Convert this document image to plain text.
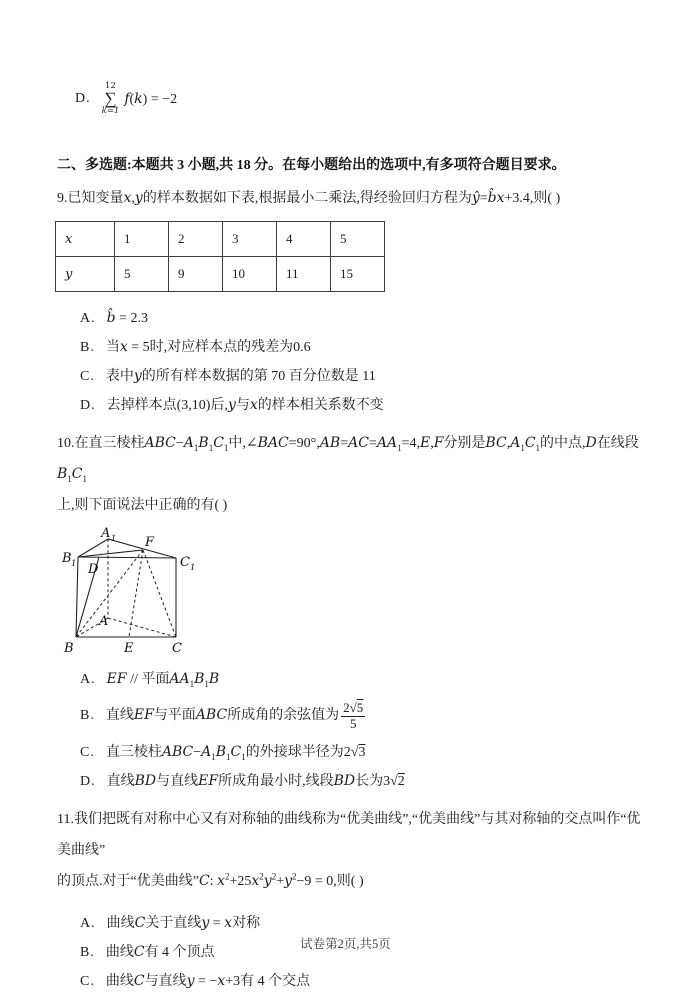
D.
12
∑
k=1
f(k) = −2
二、多选题:本题共 3 小题,共 18 分。在每小题给出的选项中,有多项符合题目要求。
9.已知变量x,y的样本数据如下表,根据最小二乘法,得经验回归方程为ŷ=b̂x+3.4,则( )
x	1	2	3	4	5
y	5	9	10	11	15
A. b̂ = 2.3
B. 当x = 5时,对应样本点的残差为0.6
C. 表中y的所有样本数据的第 70 百分位数是 11
D. 去掉样本点(3,10)后,y与x的样本相关系数不变
10.在直三棱柱$ABC-A_1B_1C_1$中$,\angle BAC=90^\circ,AB=AC=AA_1=4,E,F$分别是$BC,A_1C_1$的中点,D在线段$B_1C_1$
上,则下面说法中正确的有( )
A 1 F
B 1	C 1
D
A
B	E	C
A. EF // 平面$AA_1B_1B$
B. 直线EF与平面ABC所成角的余弦值为 $\frac{2√5}{5}$
C. 直三棱柱$ABC-A_1B_1C_1$的外接球半径为2√3
D. 直线BD与直线EF所成角最小时,线段BD长为3√2
11.我们把既有对称中心又有对称轴的曲线称为“优美曲线”,“优美曲线”与其对称轴的交点叫作“优美曲线”
的顶点.对于“优美曲线”C: $x^2+25x^2y^2+y^2-9 = 0$,则( )
A. 曲线C关于直线y = x对称
B. 曲线C有 4 个顶点
C. 曲线C与直线y = −x+3有 4 个交点
试卷第2页,共5页
